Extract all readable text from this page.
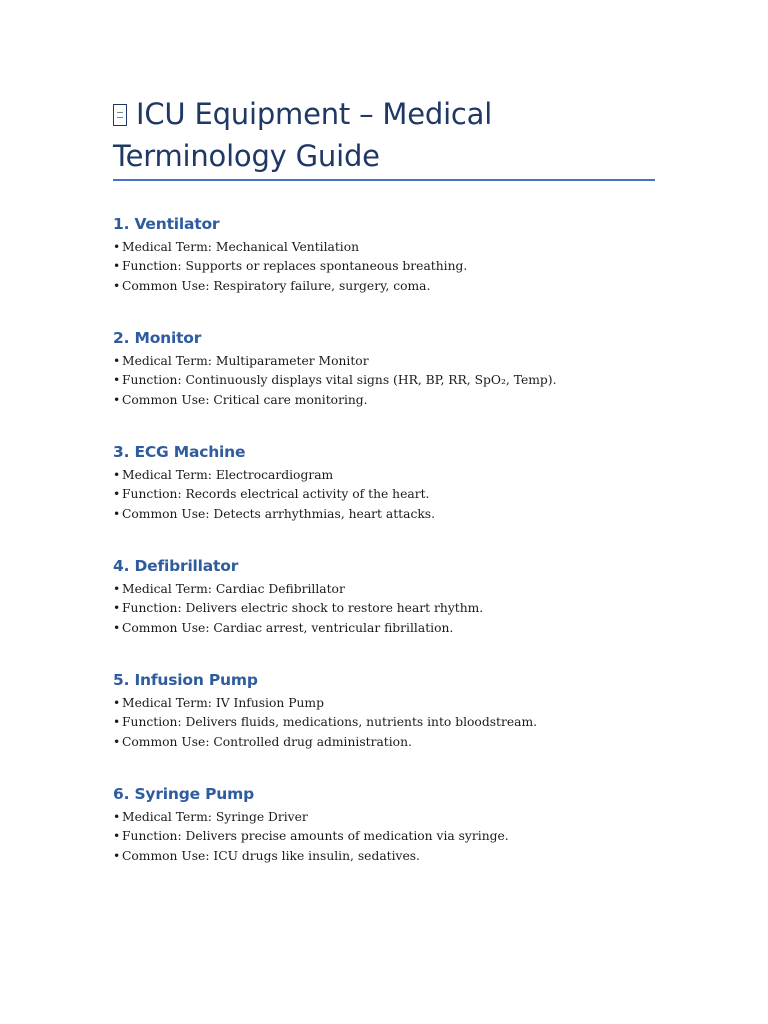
ICU Equipment – Medical Terminology Guide
1. Ventilator
• Medical Term: Mechanical Ventilation
• Function: Supports or replaces spontaneous breathing.
• Common Use: Respiratory failure, surgery, coma.
2. Monitor
• Medical Term: Multiparameter Monitor
• Function: Continuously displays vital signs (HR, BP, RR, SpO₂, Temp).
• Common Use: Critical care monitoring.
3. ECG Machine
• Medical Term: Electrocardiogram
• Function: Records electrical activity of the heart.
• Common Use: Detects arrhythmias, heart attacks.
4. Defibrillator
• Medical Term: Cardiac Defibrillator
• Function: Delivers electric shock to restore heart rhythm.
• Common Use: Cardiac arrest, ventricular fibrillation.
5. Infusion Pump
• Medical Term: IV Infusion Pump
• Function: Delivers fluids, medications, nutrients into bloodstream.
• Common Use: Controlled drug administration.
6. Syringe Pump
• Medical Term: Syringe Driver
• Function: Delivers precise amounts of medication via syringe.
• Common Use: ICU drugs like insulin, sedatives.
